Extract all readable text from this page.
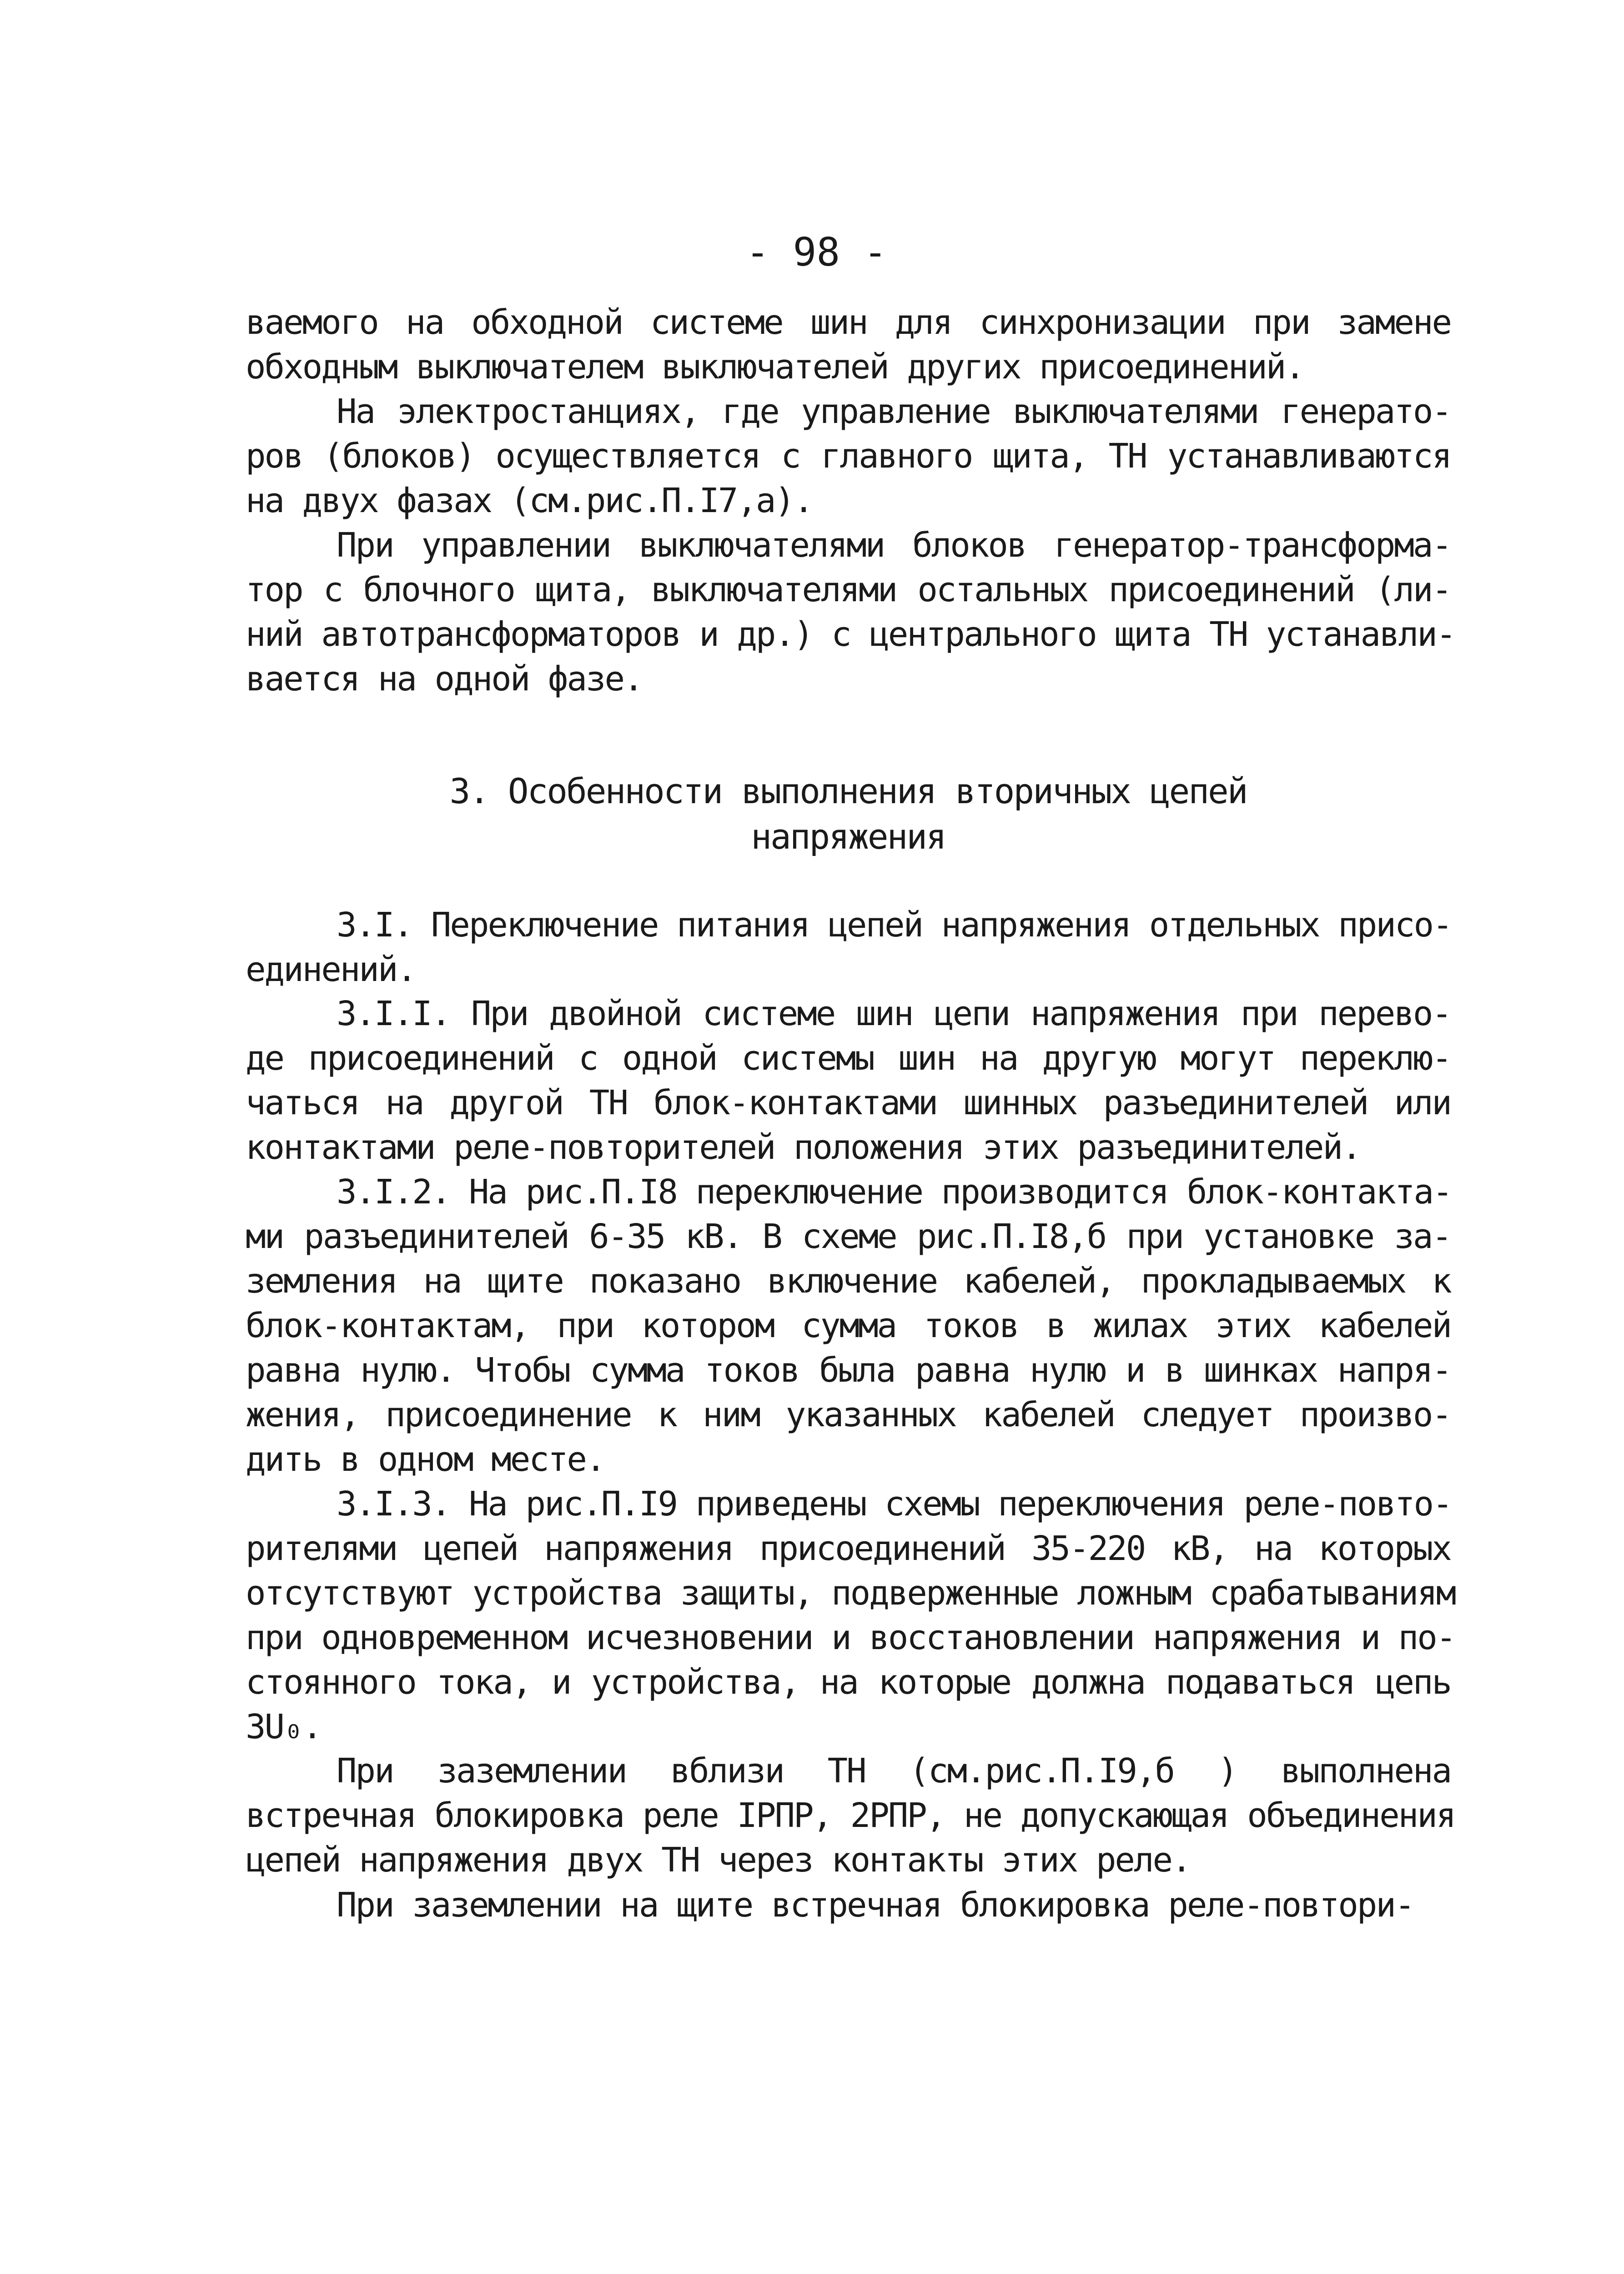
- 98 -
ваемого на обходной системе шин для синхронизации при замене
обходным выключателем выключателей других присоединений.
На электростанциях, где управление выключателями генерато-
ров (блоков) осуществляется с главного щита, ТН устанавливаются
на двух фазах (см.рис.П.I7,а).
При управлении выключателями блоков генератор-трансформа-
тор с блочного щита, выключателями остальных присоединений (ли-
ний автотрансформаторов и др.) с центрального щита ТН устанавли-
вается на одной фазе.
3. Особенности выполнения вторичных цепей
напряжения
3.I. Переключение питания цепей напряжения отдельных присо-
единений.
3.I.I. При двойной системе шин цепи напряжения при перево-
де присоединений с одной системы шин на другую могут переклю-
чаться на другой ТН блок-контактами шинных разъединителей или
контактами реле-повторителей положения этих разъединителей.
3.I.2. На рис.П.I8 переключение производится блок-контакта-
ми разъединителей 6-35 кВ. В схеме рис.П.I8,б при установке за-
земления на щите показано включение кабелей, прокладываемых к
блок-контактам, при котором сумма токов в жилах этих кабелей
равна нулю. Чтобы сумма токов была равна нулю и в шинках напря-
жения, присоединение к ним указанных кабелей следует произво-
дить в одном месте.
3.I.3. На рис.П.I9 приведены схемы переключения реле-повто-
рителями цепей напряжения присоединений 35-220 кВ, на которых
отсутствуют устройства защиты, подверженные ложным срабатываниям
при одновременном исчезновении и восстановлении напряжения и по-
стоянного тока, и устройства, на которые должна подаваться цепь
3U₀.
При заземлении вблизи ТН (см.рис.П.I9,б ) выполнена
встречная блокировка реле IРПР, 2РПР, не допускающая объединения
цепей напряжения двух ТН через контакты этих реле.
При заземлении на щите встречная блокировка реле-повтори-
